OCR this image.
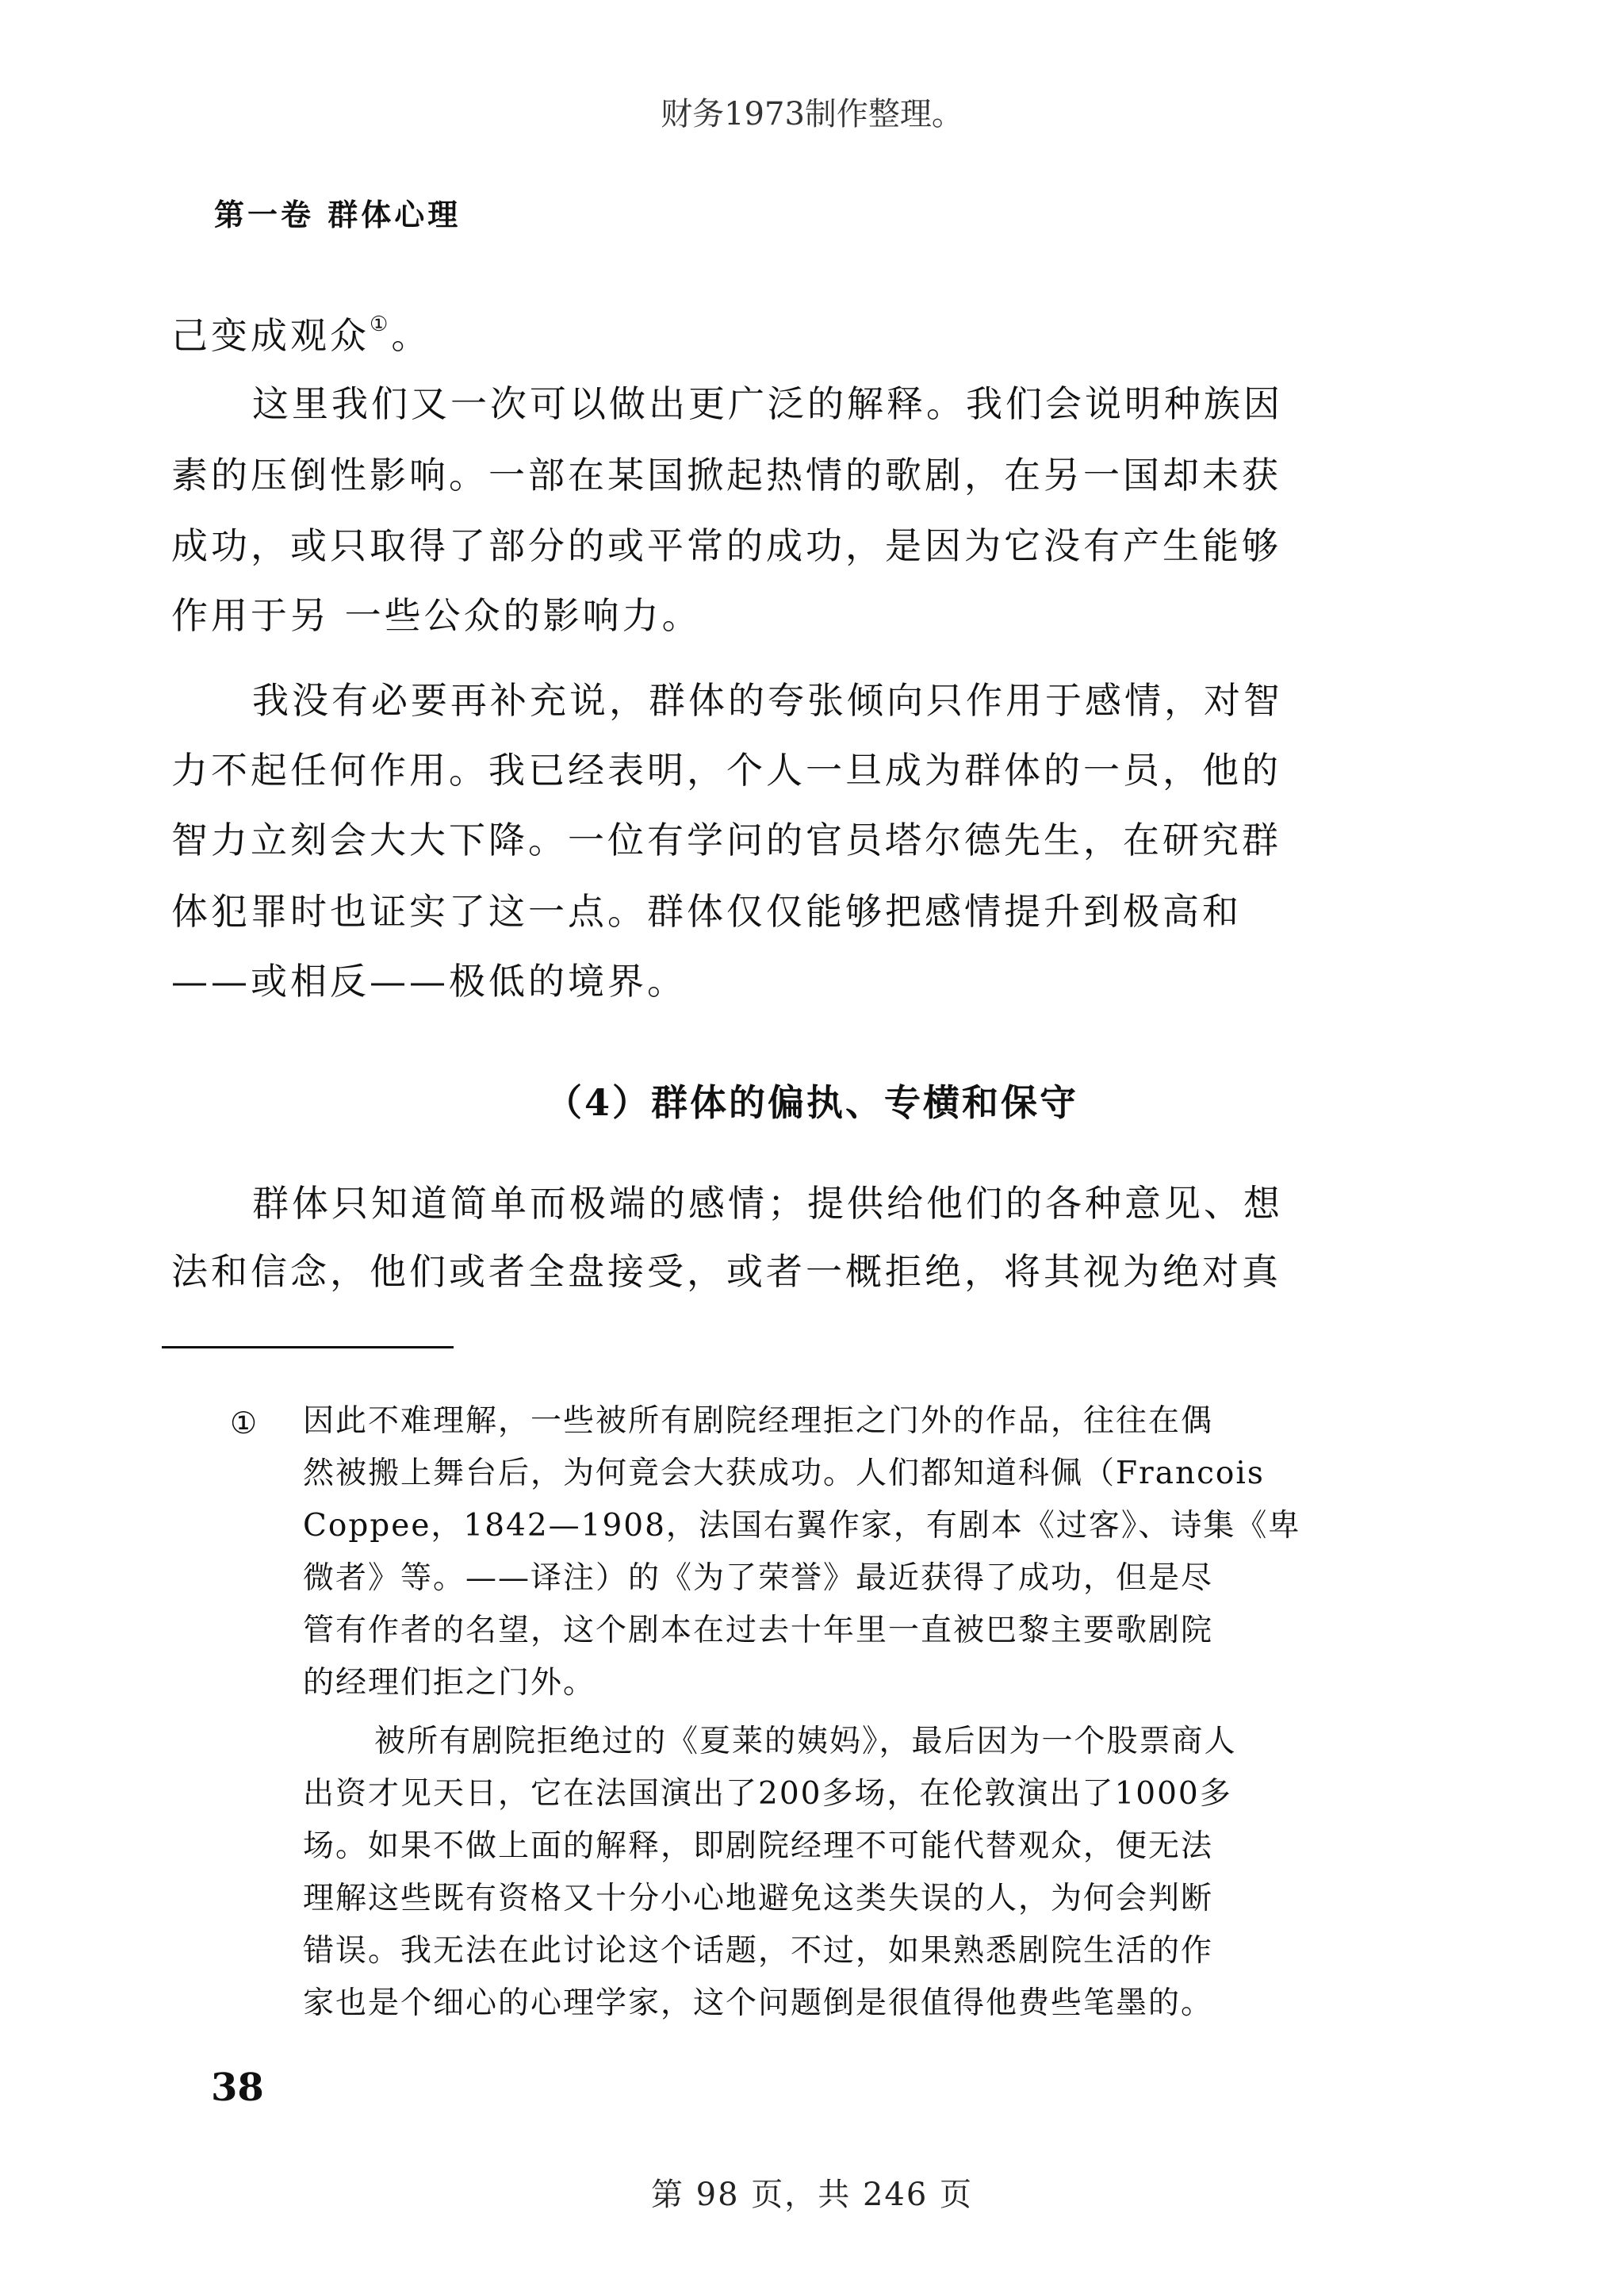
财务1973制作整理。
第一卷 群体心理
己变成观众①。
这里我们又一次可以做出更广泛的解释。我们会说明种族因
素的压倒性影响。一部在某国掀起热情的歌剧，在另一国却未获
成功，或只取得了部分的或平常的成功，是因为它没有产生能够
作用于另 一些公众的影响力。
我没有必要再补充说，群体的夸张倾向只作用于感情，对智
力不起任何作用。我已经表明，个人一旦成为群体的一员，他的
智力立刻会大大下降。一位有学问的官员塔尔德先生，在研究群
体犯罪时也证实了这一点。群体仅仅能够把感情提升到极高和
——或相反——极低的境界。
（4）群体的偏执、专横和保守
群体只知道简单而极端的感情；提供给他们的各种意见、想
法和信念，他们或者全盘接受，或者一概拒绝，将其视为绝对真
① 因此不难理解，一些被所有剧院经理拒之门外的作品，往往在偶
然被搬上舞台后，为何竟会大获成功。人们都知道科佩（Francois
Coppee，1842—1908，法国右翼作家，有剧本《过客》、诗集《卑
微者》等。——译注）的《为了荣誉》最近获得了成功，但是尽
管有作者的名望，这个剧本在过去十年里一直被巴黎主要歌剧院
的经理们拒之门外。
被所有剧院拒绝过的《夏莱的姨妈》，最后因为一个股票商人
出资才见天日，它在法国演出了200多场，在伦敦演出了1000多
场。如果不做上面的解释，即剧院经理不可能代替观众，便无法
理解这些既有资格又十分小心地避免这类失误的人，为何会判断
错误。我无法在此讨论这个话题，不过，如果熟悉剧院生活的作
家也是个细心的心理学家，这个问题倒是很值得他费些笔墨的。
38
第 98 页，共 246 页
